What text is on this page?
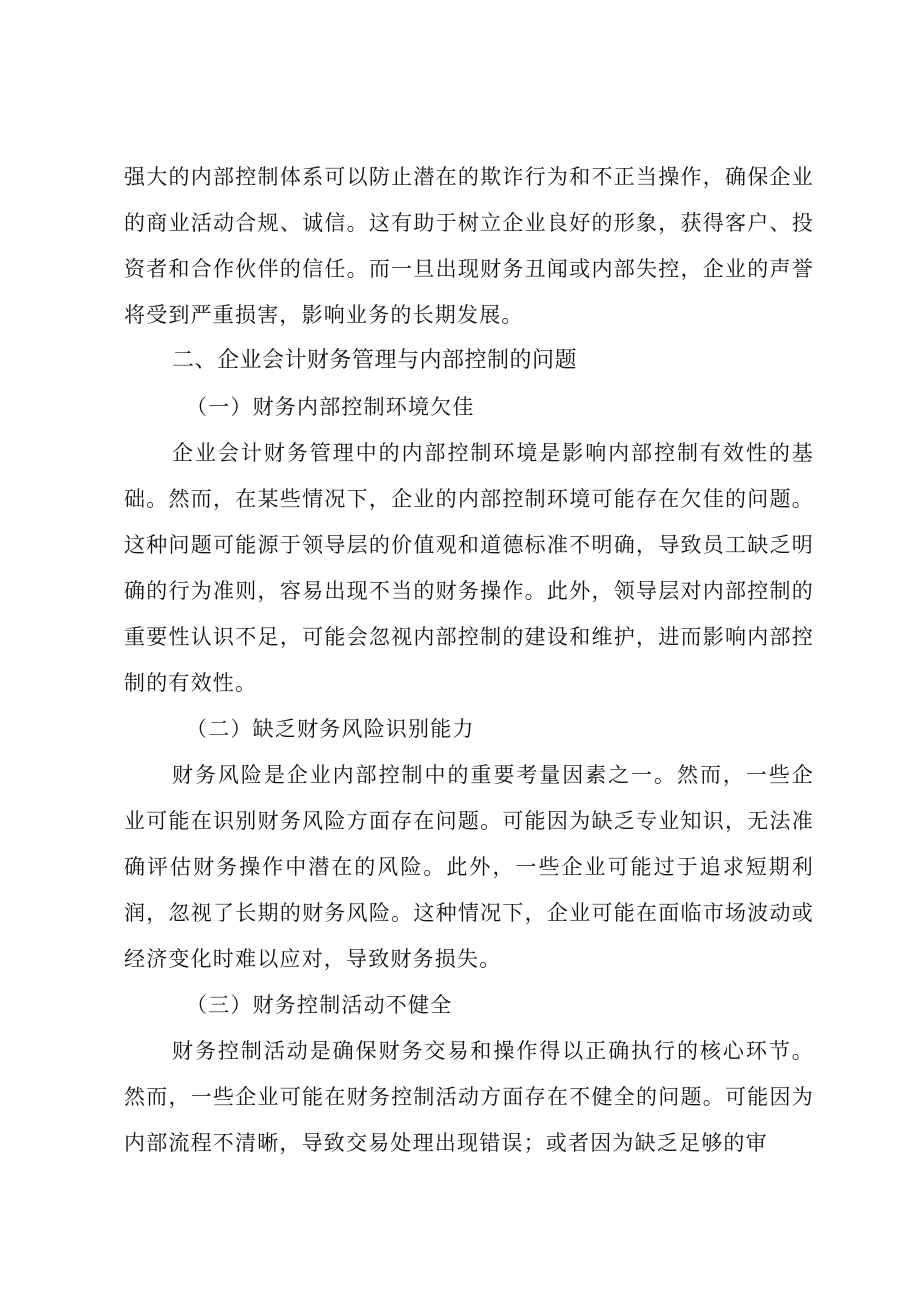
强大的内部控制体系可以防止潜在的欺诈行为和不正当操作，确保企业的商业活动合规、诚信。这有助于树立企业良好的形象，获得客户、投资者和合作伙伴的信任。而一旦出现财务丑闻或内部失控，企业的声誉将受到严重损害，影响业务的长期发展。

二、企业会计财务管理与内部控制的问题
（一）财务内部控制环境欠佳

企业会计财务管理中的内部控制环境是影响内部控制有效性的基础。然而，在某些情况下，企业的内部控制环境可能存在欠佳的问题。这种问题可能源于领导层的价值观和道德标准不明确，导致员工缺乏明确的行为准则，容易出现不当的财务操作。此外，领导层对内部控制的重要性认识不足，可能会忽视内部控制的建设和维护，进而影响内部控制的有效性。

（二）缺乏财务风险识别能力

财务风险是企业内部控制中的重要考量因素之一。然而，一些企业可能在识别财务风险方面存在问题。可能因为缺乏专业知识，无法准确评估财务操作中潜在的风险。此外，一些企业可能过于追求短期利润，忽视了长期的财务风险。这种情况下，企业可能在面临市场波动或经济变化时难以应对，导致财务损失。

（三）财务控制活动不健全

财务控制活动是确保财务交易和操作得以正确执行的核心环节。然而，一些企业可能在财务控制活动方面存在不健全的问题。可能因为内部流程不清晰，导致交易处理出现错误；或者因为缺乏足够的审
